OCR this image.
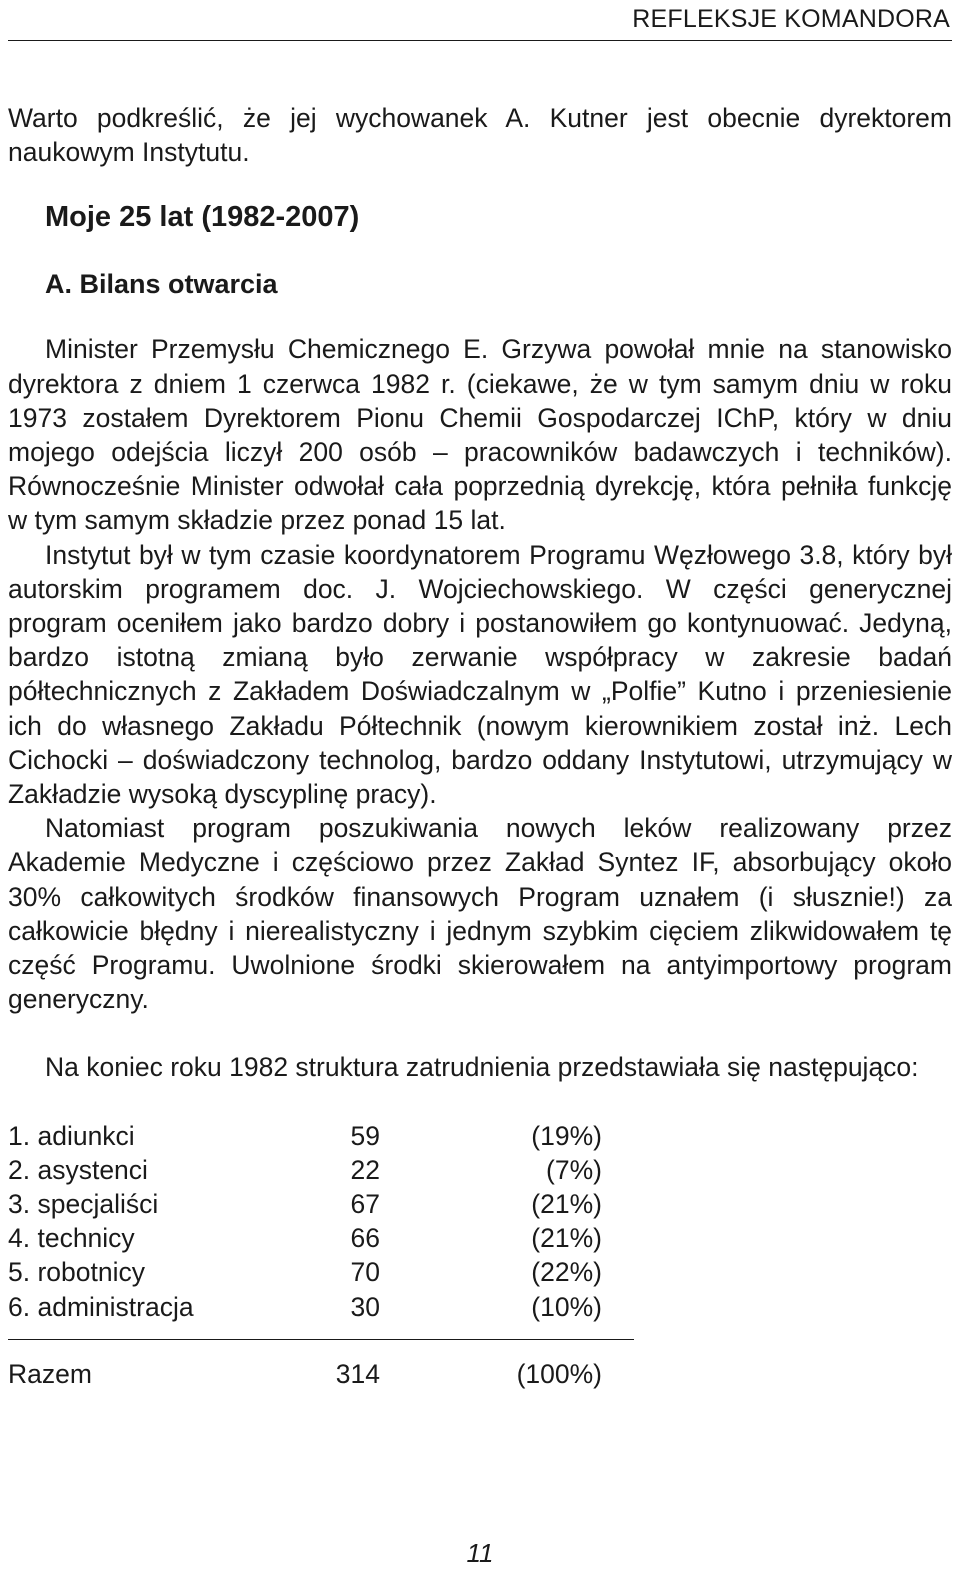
REFLEKSJE KOMANDORA

Warto podkreślić, że jej wychowanek A. Kutner jest obecnie dyrektorem naukowym Instytutu.

Moje 25 lat (1982-2007)
A. Bilans otwarcia

Minister Przemysłu Chemicznego E. Grzywa powołał mnie na stanowisko dyrektora z dniem 1 czerwca 1982 r. (ciekawe, że w tym samym dniu w roku 1973 zostałem Dyrektorem Pionu Chemii Gospodarczej IChP, który w dniu mojego odejścia liczył 200 osób – pracowników badawczych i techników). Równocześnie Minister odwołał cała poprzednią dyrekcję, która pełniła funkcję w tym samym składzie przez ponad 15 lat.

Instytut był w tym czasie koordynatorem Programu Węzłowego 3.8, który był autorskim programem doc. J. Wojciechowskiego. W części generycznej program oceniłem jako bardzo dobry i postanowiłem go kontynuować. Jedyną, bardzo istotną zmianą było zerwanie współpracy w zakresie badań półtechnicznych z Zakładem Doświadczalnym w „Polfie” Kutno i przeniesienie ich do własnego Zakładu Półtechnik (nowym kierownikiem został inż. Lech Cichocki – doświadczony technolog, bardzo oddany Instytutowi, utrzymujący w Zakładzie wysoką dyscyplinę pracy).

Natomiast program poszukiwania nowych leków realizowany przez Akademie Medyczne i częściowo przez Zakład Syntez IF, absorbujący około 30% całkowitych środków finansowych Program uznałem (i słusznie!) za całkowicie błędny i nierealistyczny i jednym szybkim cięciem zlikwidowałem tę część Programu. Uwolnione środki skierowałem na antyimportowy program generyczny.

Na koniec roku 1982 struktura zatrudnienia przedstawiała się następująco:

1. adiunkci	59	(19%)
2. asystenci	22	(7%)
3. specjaliści	67	(21%)
4. technicy	66	(21%)
5. robotnicy	70	(22%)
6. administracja	30	(10%)
Razem	314	(100%)
11
